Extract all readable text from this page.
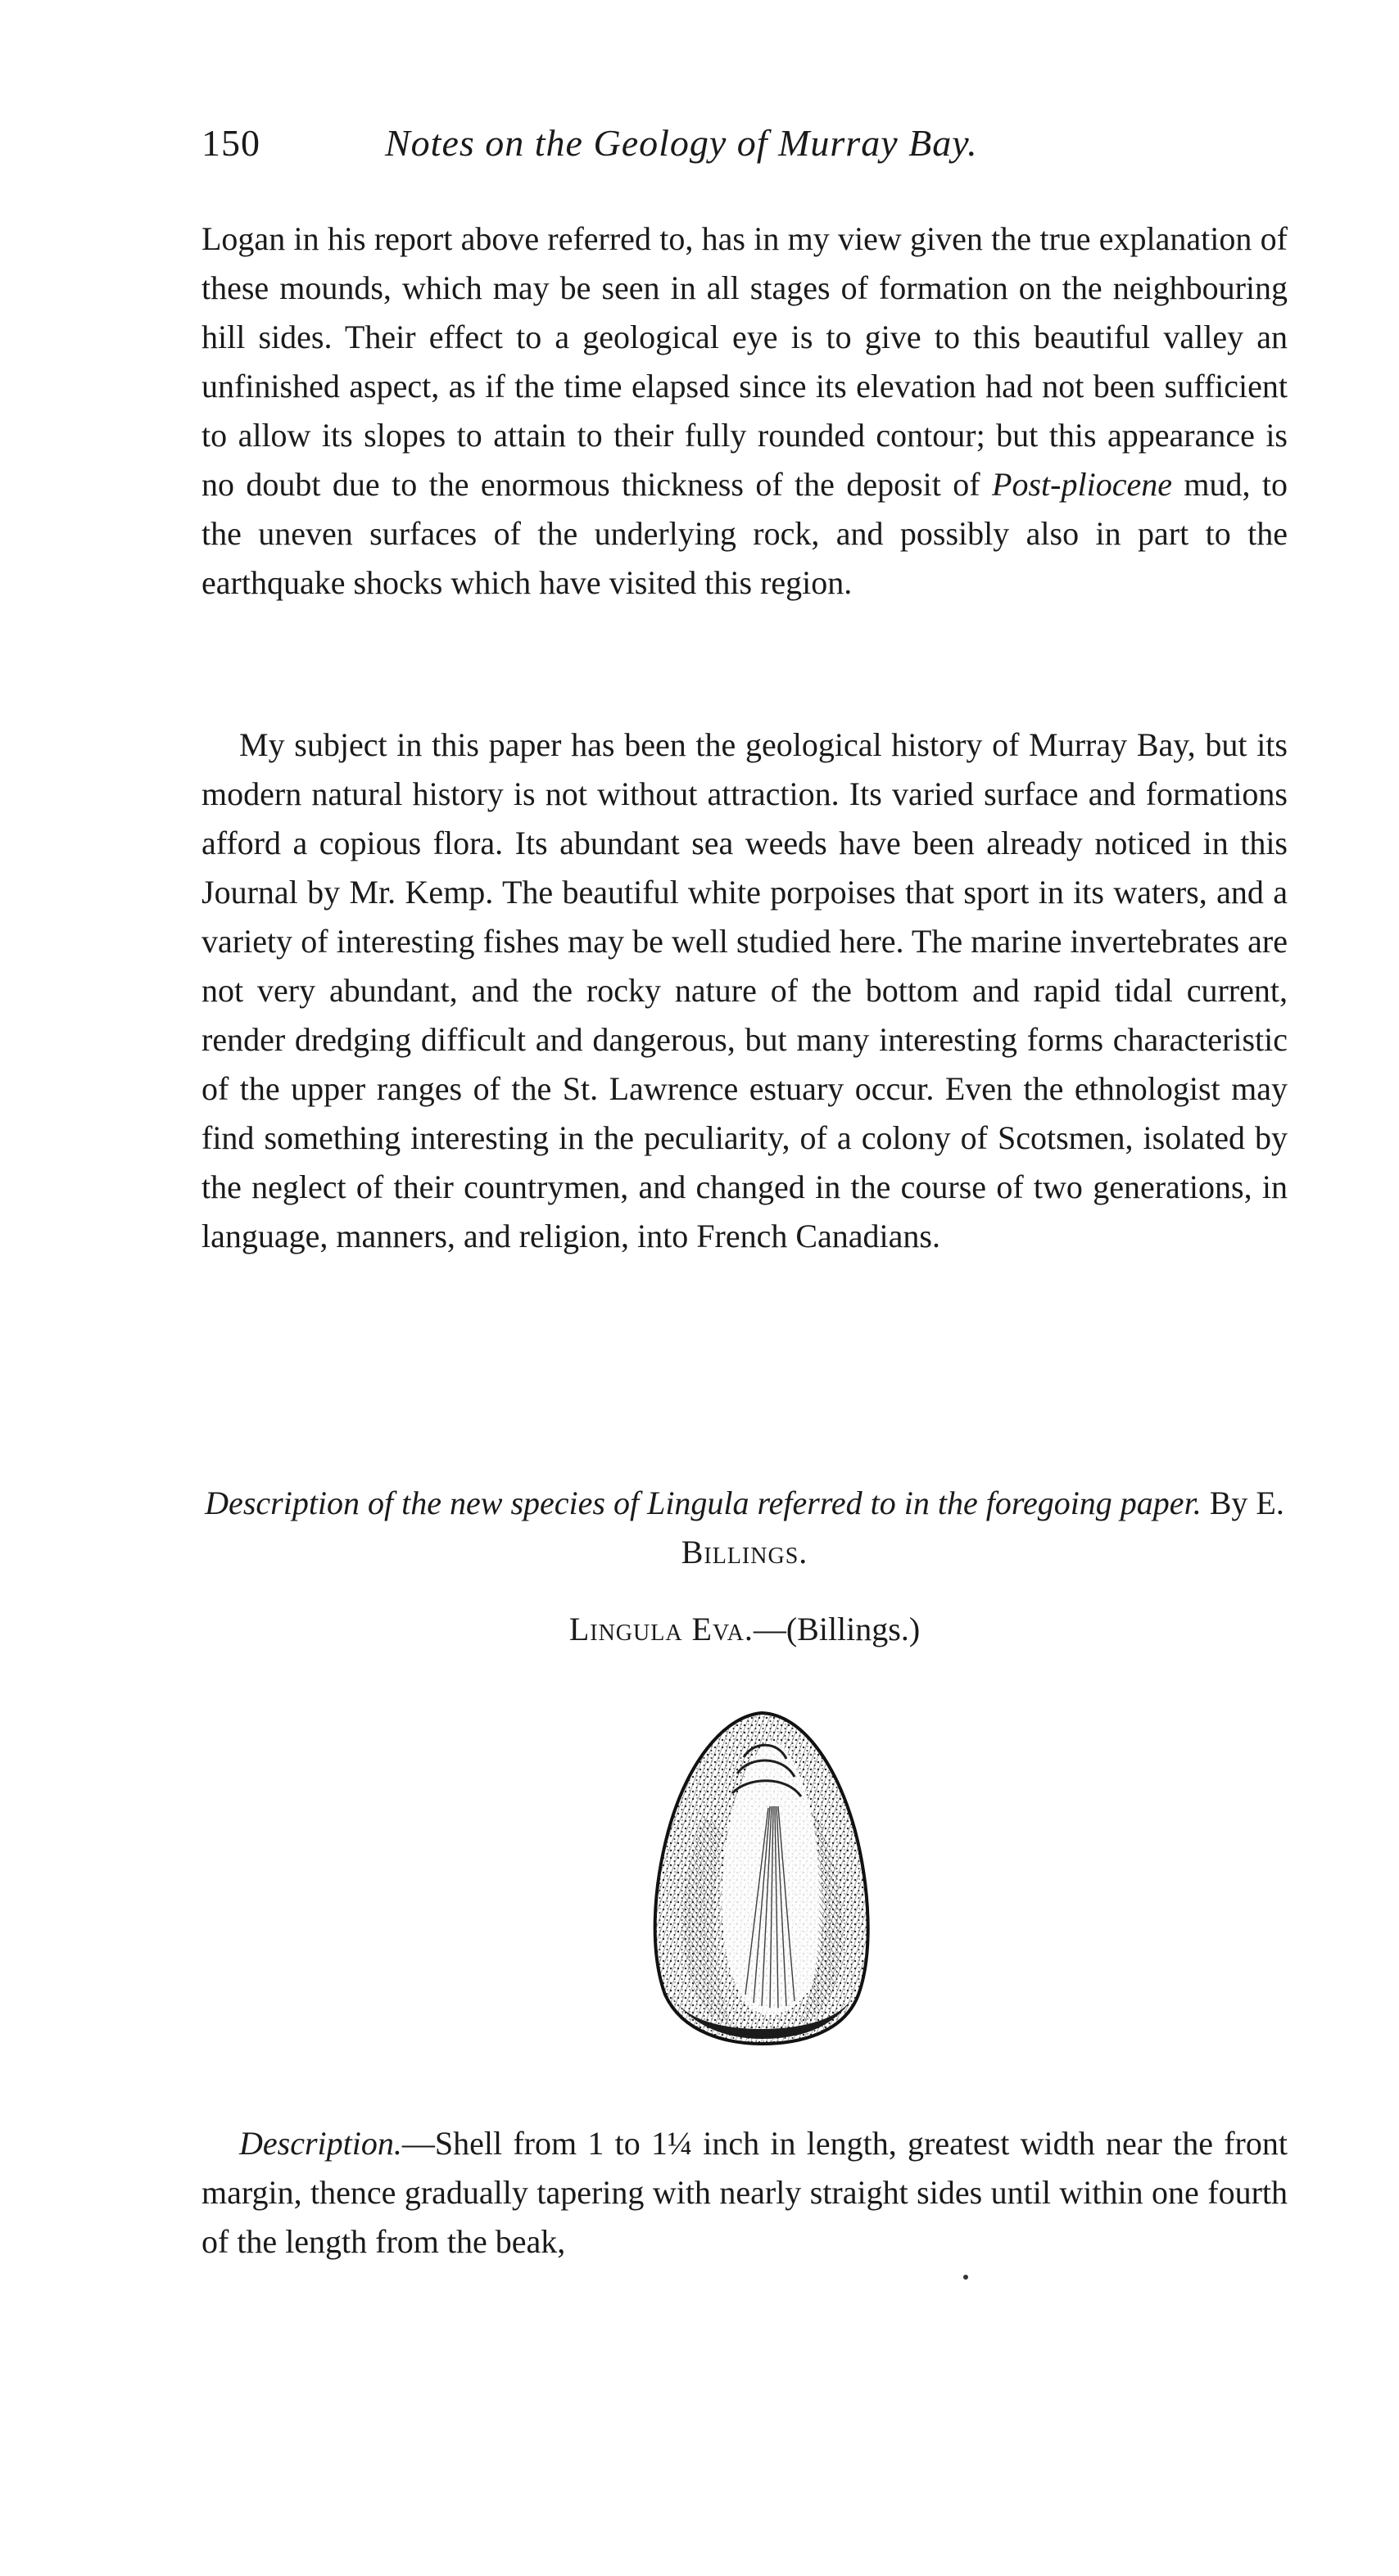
150	Notes on the Geology of Murray Bay.

Logan in his report above referred to, has in my view given the true explanation of these mounds, which may be seen in all stages of formation on the neighbouring hill sides. Their effect to a geological eye is to give to this beautiful valley an unfinished aspect, as if the time elapsed since its elevation had not been sufficient to allow its slopes to attain to their fully rounded contour; but this appearance is no doubt due to the enormous thickness of the deposit of Post-pliocene mud, to the uneven surfaces of the underlying rock, and possibly also in part to the earthquake shocks which have visited this region.

My subject in this paper has been the geological history of Murray Bay, but its modern natural history is not without attraction. Its varied surface and formations afford a copious flora. Its abundant sea weeds have been already noticed in this Journal by Mr. Kemp. The beautiful white porpoises that sport in its waters, and a variety of interesting fishes may be well studied here. The marine invertebrates are not very abundant, and the rocky nature of the bottom and rapid tidal current, render dredging difficult and dangerous, but many interesting forms characteristic of the upper ranges of the St. Lawrence estuary occur. Even the ethnologist may find something interesting in the peculiarity, of a colony of Scotsmen, isolated by the neglect of their countrymen, and changed in the course of two generations, in language, manners, and religion, into French Canadians.

Description of the new species of Lingula referred to in the foregoing paper. By E. Billings.

Lingula Eva.—(Billings.)

Description.—Shell from 1 to 1¼ inch in length, greatest width near the front margin, thence gradually tapering with nearly straight sides until within one fourth of the length from the beak,
